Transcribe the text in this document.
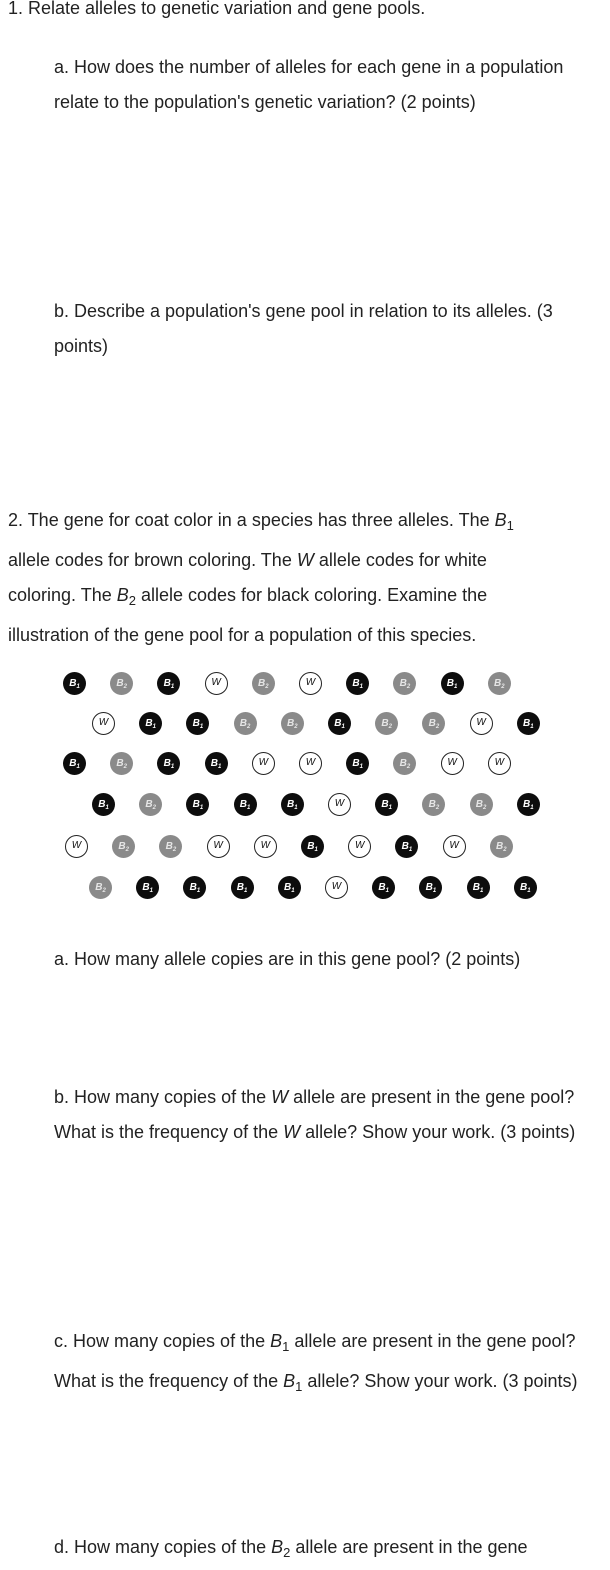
1. Relate alleles to genetic variation and gene pools.

a. How does the number of alleles for each gene in a population relate to the population's genetic variation? (2 points)

b. Describe a population's gene pool in relation to its alleles. (3 points)

2. The gene for coat color in a species has three alleles. The $B_1$ allele codes for brown coloring. The W allele codes for white coloring. The $B_2$ allele codes for black coloring. Examine the illustration of the gene pool for a population of this species.

$B_1$	$B_2$	$B_1$	W	$B_2$	W	$B_1$	$B_2$	$B_1$	$B_2$
W	$B_1$	$B_1$	$B_2$	$B_2$	$B_1$	$B_2$	$B_2$	W	$B_1$
$B_1$	$B_2$	$B_1$	$B_1$	W	W	$B_1$	$B_2$	W	W
$B_1$	$B_2$	$B_1$	$B_1$	$B_1$	W	$B_1$	$B_2$	$B_2$	$B_1$
W	$B_2$	$B_2$	W	W	$B_1$	W	$B_1$	W	$B_2$
$B_2$	$B_1$	$B_1$	$B_1$	$B_1$	W	$B_1$	$B_1$	$B_1$	$B_1$

a. How many allele copies are in this gene pool? (2 points)

b. How many copies of the W allele are present in the gene pool? What is the frequency of the W allele? Show your work. (3 points)

c. How many copies of the $B_1$ allele are present in the gene pool? What is the frequency of the $B_1$ allele? Show your work. (3 points)

d. How many copies of the $B_2$ allele are present in the gene
